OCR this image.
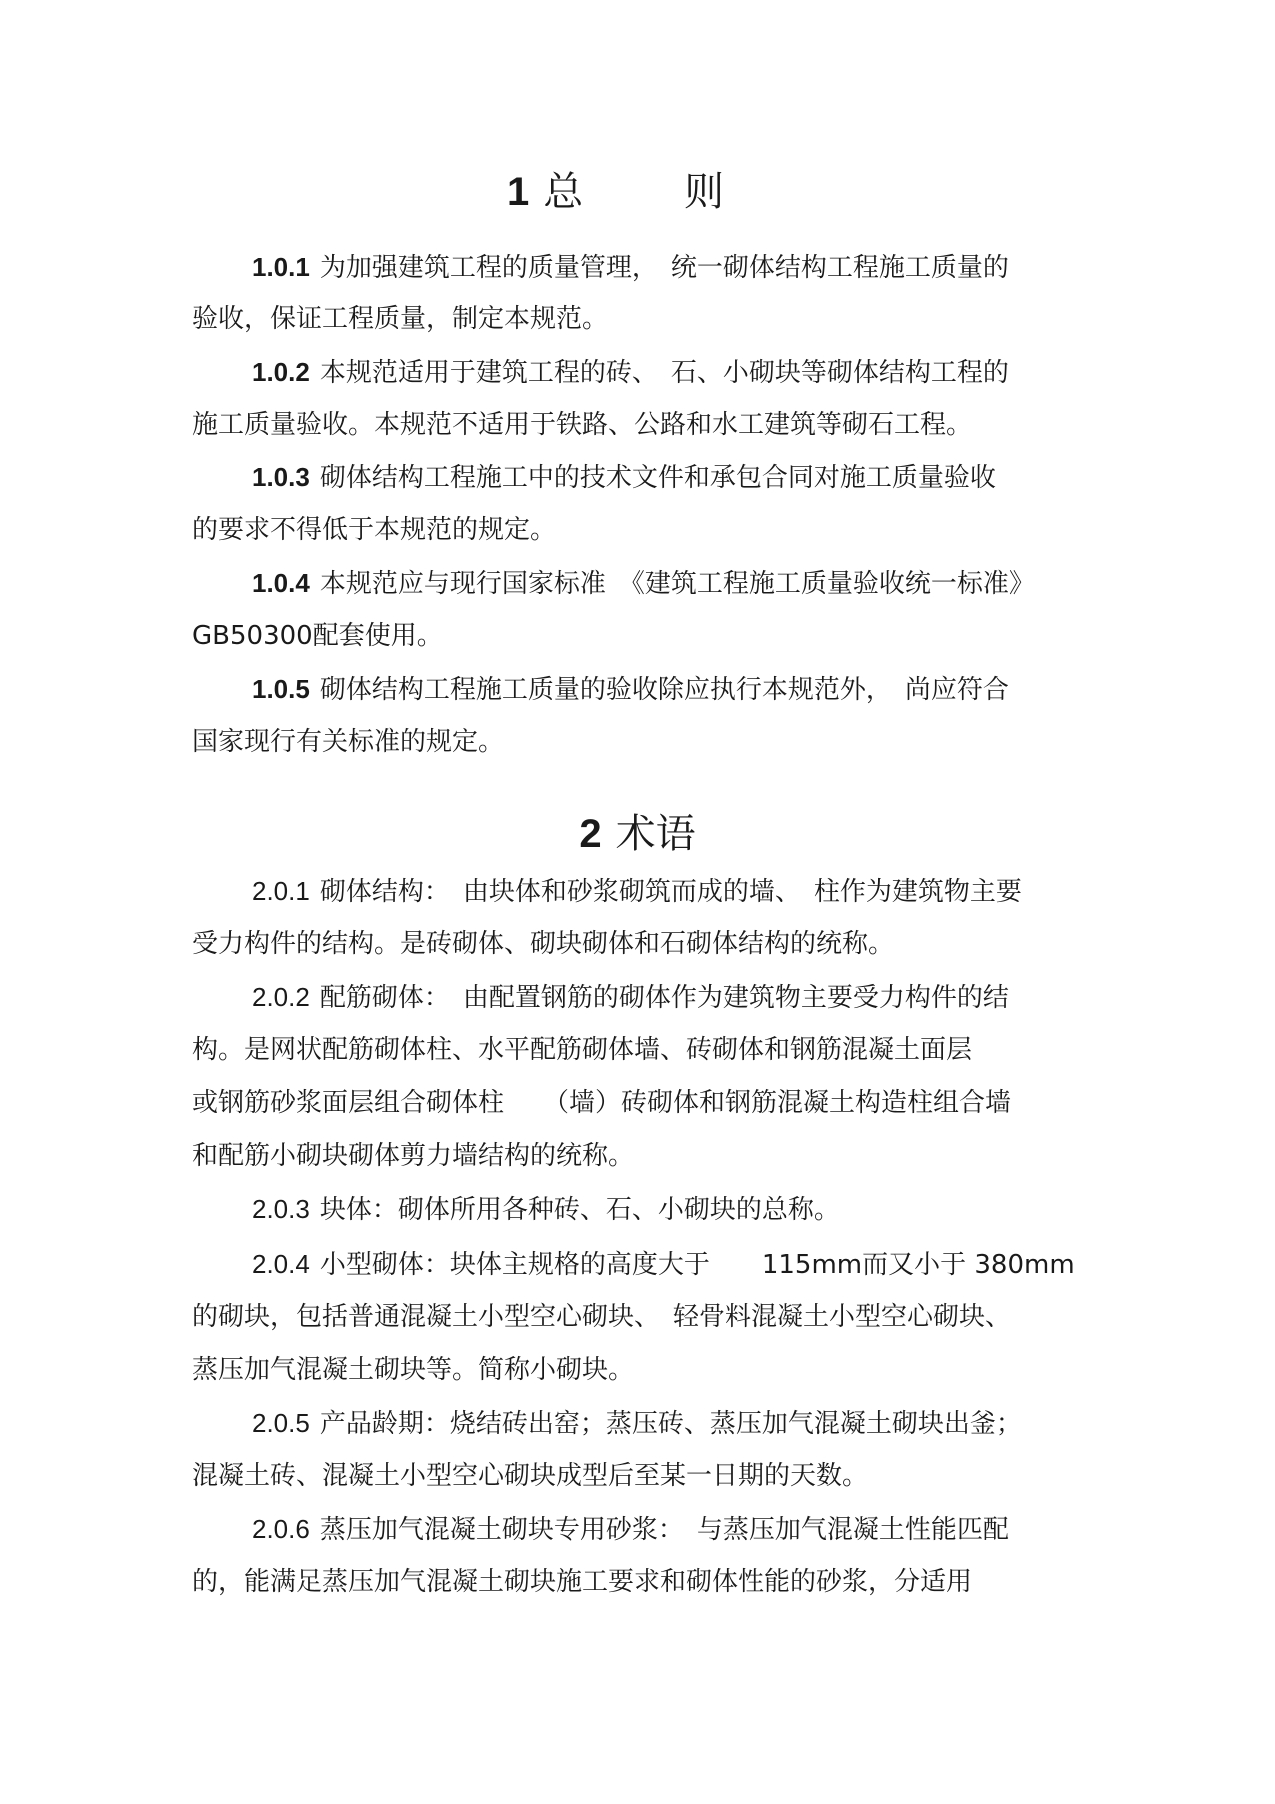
1 总 则
1.0.1 为加强建筑工程的质量管理，　统一砌体结构工程施工质量的
验收，保证工程质量，制定本规范。
1.0.2 本规范适用于建筑工程的砖、　石、小砌块等砌体结构工程的
施工质量验收。本规范不适用于铁路、公路和水工建筑等砌石工程。
1.0.3 砌体结构工程施工中的技术文件和承包合同对施工质量验收
的要求不得低于本规范的规定。
1.0.4 本规范应与现行国家标准　《建筑工程施工质量验收统一标准》
GB50300配套使用。
1.0.5 砌体结构工程施工质量的验收除应执行本规范外，　尚应符合
国家现行有关标准的规定。
2 术语
2.0.1 砌体结构：　由块体和砂浆砌筑而成的墙、　柱作为建筑物主要
受力构件的结构。是砖砌体、砌块砌体和石砌体结构的统称。
2.0.2 配筋砌体：　由配置钢筋的砌体作为建筑物主要受力构件的结
构。是网状配筋砌体柱、水平配筋砌体墙、砖砌体和钢筋混凝土面层
或钢筋砂浆面层组合砌体柱　　（墙）砖砌体和钢筋混凝土构造柱组合墙
和配筋小砌块砌体剪力墙结构的统称。
2.0.3 块体：砌体所用各种砖、石、小砌块的总称。
2.0.4 小型砌体：块体主规格的高度大于　　115mm而又小于 380mm
的砌块，包括普通混凝土小型空心砌块、　轻骨料混凝土小型空心砌块、
蒸压加气混凝土砌块等。简称小砌块。
2.0.5 产品龄期：烧结砖出窑；蒸压砖、蒸压加气混凝土砌块出釜；
混凝土砖、混凝土小型空心砌块成型后至某一日期的天数。
2.0.6 蒸压加气混凝土砌块专用砂浆：　与蒸压加气混凝土性能匹配
的，能满足蒸压加气混凝土砌块施工要求和砌体性能的砂浆，分适用
